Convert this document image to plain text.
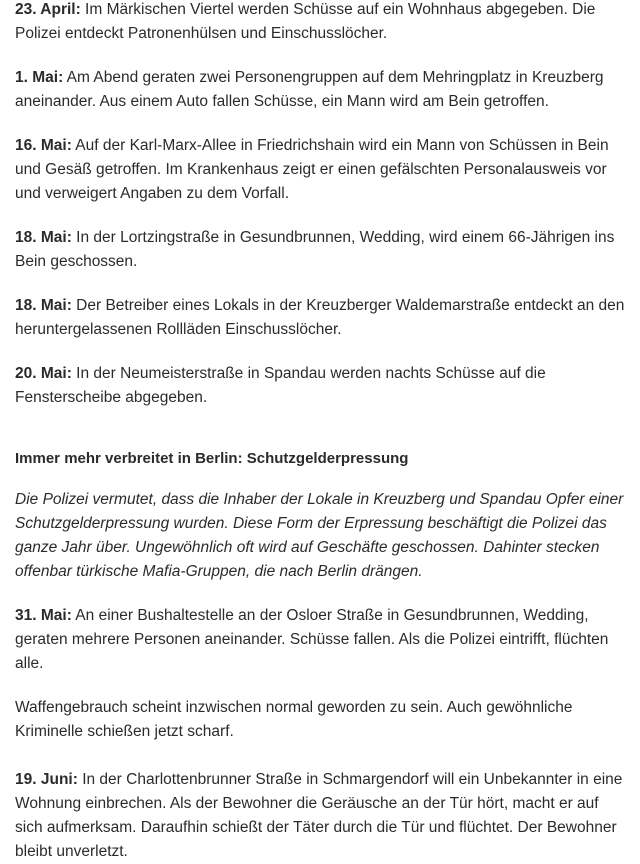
23. April: Im Märkischen Viertel werden Schüsse auf ein Wohnhaus abgegeben. Die Polizei entdeckt Patronenhülsen und Einschusslöcher.

1. Mai: Am Abend geraten zwei Personengruppen auf dem Mehringplatz in Kreuzberg aneinander. Aus einem Auto fallen Schüsse, ein Mann wird am Bein getroffen.

16. Mai: Auf der Karl-Marx-Allee in Friedrichshain wird ein Mann von Schüssen in Bein und Gesäß getroffen. Im Krankenhaus zeigt er einen gefälschten Personalausweis vor und verweigert Angaben zu dem Vorfall.

18. Mai: In der Lortzingstraße in Gesundbrunnen, Wedding, wird einem 66-Jährigen ins Bein geschossen.

18. Mai: Der Betreiber eines Lokals in der Kreuzberger Waldemarstraße entdeckt an den heruntergelassenen Rollläden Einschusslöcher.

20. Mai: In der Neumeisterstraße in Spandau werden nachts Schüsse auf die Fensterscheibe abgegeben.

Immer mehr verbreitet in Berlin: Schutzgelderpressung

Die Polizei vermutet, dass die Inhaber der Lokale in Kreuzberg und Spandau Opfer einer Schutzgelderpressung wurden. Diese Form der Erpressung beschäftigt die Polizei das ganze Jahr über. Ungewöhnlich oft wird auf Geschäfte geschossen. Dahinter stecken offenbar türkische Mafia-Gruppen, die nach Berlin drängen.

31. Mai: An einer Bushaltestelle an der Osloer Straße in Gesundbrunnen, Wedding, geraten mehrere Personen aneinander. Schüsse fallen. Als die Polizei eintrifft, flüchten alle.

Waffengebrauch scheint inzwischen normal geworden zu sein. Auch gewöhnliche Kriminelle schießen jetzt scharf.

19. Juni: In der Charlottenbrunner Straße in Schmargendorf will ein Unbekannter in eine Wohnung einbrechen. Als der Bewohner die Geräusche an der Tür hört, macht er auf sich aufmerksam. Daraufhin schießt der Täter durch die Tür und flüchtet. Der Bewohner bleibt unverletzt.
